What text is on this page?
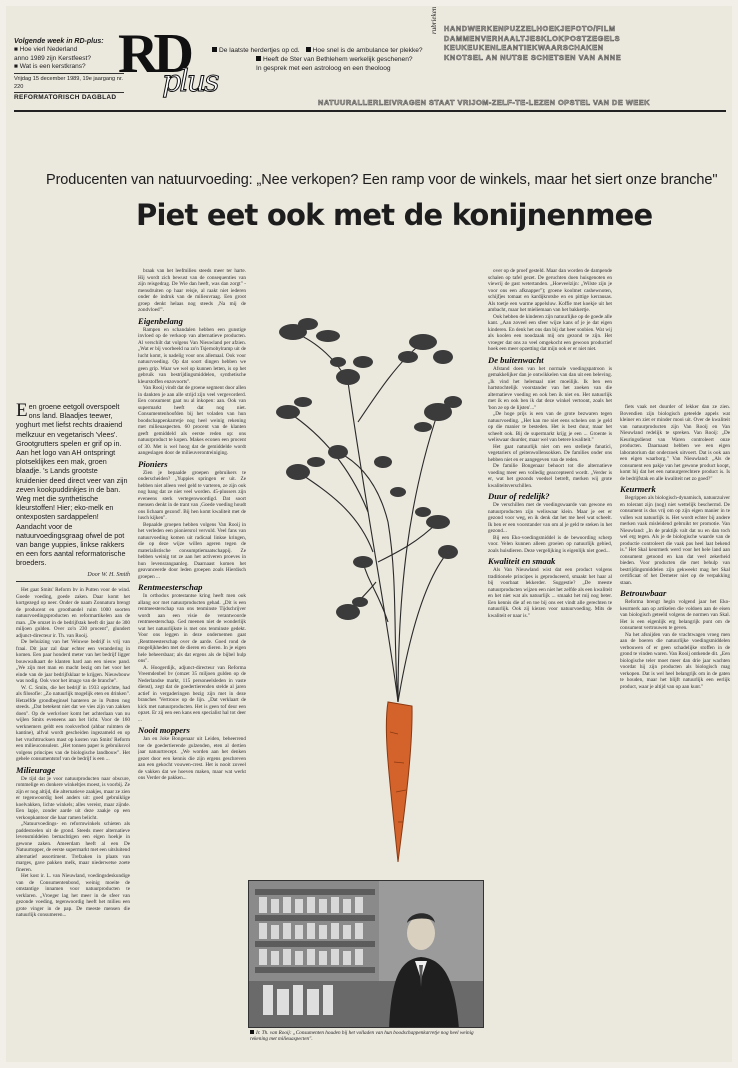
Volgende week in RD-plus:
■ Hoe vierl Nederland
anno 1989 zijn Kerstfeest?
■ Wat is een kerstkrans?
Vrijdag 15 december 1989, 19e jaargang nr. 220
REFORMATORISCH DAGBLAD
RD
plus
De laatste herdertjes op cd.	Hoe snel is de ambulance ter plekke?
Heeft de Ster van Bethlehem werkelijk geschenen?
In gesprek met een astroloog en een theoloog
rubrieken HANDWERKENPUZZELHOEKJEFOTO/FILM
DAMMENVERHAALTJESKLOKPOSTZEGELS
KEUKEUKENLEANTIEKWAARSCHAKEN
KNOTSEL AN NUTSE SCHETSEN VAN ANNE
NATUURALLERLEIVRAGEN STAAT VRIJOM-ZELF-TE-LEZEN OPSTEL VAN DE WEEK
Producenten van natuurvoeding: „Nee verkopen? Een ramp voor de winkels, maar het siert onze branche"
Piet eet ook met de konijnenmee
Een groene eetgoll overspoelt ons land. Blaadjes teewer, yoghurt met liefst rechts draaiend melkzuur en vegetarisch 'vlees'. Grootgrutters spelen er grif op in. Aan het logo van AH ontspringt plotseklijkes een mak, groen blaadje. 's Lands grootste kruidenier deed direct veer van zijn zeven kookpuddinkjes in de ban. Weg met die synthetische kleurstoffen! Hier; eko-melk en ontexposten sardappelen! Aandacht voor de natuurvoedingsgraag ofwel de pot van bange yuppies, linkse rakkers en een fors aantal reformatorische broeders.
Door W. H. Smith

Het gaat Smits' Reform bv in Putten voor de wind. Goede voeding, goede zaken. Daar komt het kortgezegd op neer. Onder de naam Zonnatura brengt de producent en groothandel ruim 1000 soorten natuurvoedingsproducten en reformartikelen aan de man. „De omzet in de bedrijfstak heeft dit jaar de 300 miljoen gulden. Over zo'n 230 procent", glundert adjunct-directeur ir. Th. van Rooij.

De behuizing van het Veluwse bedrijf is vrij van fraai. Dit jaar zal daar echter een verandering in komen. Een paar honderd meter van het bedrijf ligger bouwwalkaart de klanten hard aan een nieuw pand. „We zijn met man en macht bezig om het voor het einde van de jaar bedrijfsklaar te krijgen. Nieuwbouw was nodig. Ook voor het imago van de branche".

W. C. Smits, die het bedrijf in 1933 oprichtte, had als filosofie: „Zo natuurlijk mogelijk eten en drinken". Hetzelfde grondbeginsel hanteren ze in Putten nog steeds. „Dat betekent niet dat we vies zijn van zakken doen". Op de werkvloer komt het achterlaan van nu wijlen Smits eveneens aan het licht. Voor de 160 werknemers geldt een rookverbod (ahbar ruimten de kantine), alfval wordt gescheiden ingezameld en op het vruchttrucksen mast op kosten van Smits' Reform een milieuconsulent. „Het tonnen paper is gebruiksvol volgens principes van de biologische landbouw". Het gehele consumentstof van de bedrijf is een ...

Milieurage

De tijd dat je voor natuurproducten naar obscure, rommelige en donkere winkeltjes moest, is voorbij. Ze zijn er nog altijd, die alternatieve zaakjes, maar ze zien er tegenwoordig heel anders uit: goed gebruiklige koelvakken, lichte winkels; alles vereist, maar zijnde. Een lapje, zonder aarde uit deze zaakje op een verkoopkantoor die haar ramen belicht.

„Natuurvoedings- en reformwinkels schieten als paddestoelen uit de grond. Steeds meer alternatieve levensmiddelen bemachtigen een eigen hoekje in gewone zaken. Ameerdam heeft al een De Natuurtopper, de eerste supermarkt met een uitsluitend alternatief assortiment. Trefzaken in plaats van marges, gave pakken melk, maar niederwetse zoete fineren.

Het kost ir. L. van Nieuwland, voedingsdeskundige van de Consumentenbond, weinig moeite de omstantige innamen voor natuurproducten te verklaren. „Vroeger lag het meer in de sfeer van gezonde voeding, tegenwoordig heeft het milieu een grote vinger in de pap. De meeste mensen die natuurlijk consumeren...

braak van het leefmilieu steeds meer ter harte. Hij wordt zich bewust van de consequenties van zijn reisgedrag. De Wie dan heeft, was dan zorgt" - mensdruiten op haar reisje, al raakt niet iederen onder de indruk van de milieuvraag. Een groot groep denkt helaas nog steeds ‚Na mij de zondvloed'".

Eigenbelang

Rampen en schandalen hebben een gunstige invloed op de verkoop van alternatieve producten. Al verschilt dat volgens Van Nieuwland per afzien. „Wat er bij voorbeeld na zo'n Tsjernobylramp uit de lucht komt, is nadelig voor ons allemaal. Ook voor natuurvoeding. Op dat soort dingen hebben we geen grip. Waar we wel op kunnen letten, is op het gebruik van bestrijdingsmiddelen, synthetische kleurstoffen enzovoorts".

Van Rooij vindt dat de groene segment door allen in dankten je aan alle strijd zijn veel vergevorderd. Een consument gaat nu al inkopen: aan. Ook van supermarkt heeft dat nog niet. Consumentenhoofden bij het voladen van hun boodschappenkarretje nog heel weinig rekening met milieuaspecten. 60 procent van de klanten geeft gemiddeld als eerste reden op: ons natuurproduct te kopen. Makes econen een procent of 30. Met is wel hoog dat de gemiddelde wordt aangeslagen door de milieuverontreiniging.

Pioniers

Zien je bepaalde groepen gebruikers te onderscheiden? „Yuppies springen er uit. Ze hebben niet alleen veel geld te varteren, ze zijn ook nog bang dat ze niet veel worden. 45-plussers zijn eveneens sterk vertegenwoordigd. Dat soort mensen denkt in de trant van ‚Goede voeding houdt ons lichaam gezond'. Bij hen komt kwaliteit met de lusch kijken".

Bepaalde groepen hebben volgens Van Rooij in het verleden een pioniersrol vervuld. Veel fans van natuurvoeding komen uit radicaal linkse kringen, die op deze wijze willen ageren tegen de materialistische consumptiemaatschappij. Ze hebben weinig tot ze aan het activeren proeves in hun levensrangaanleg. Daarnaast komen het geavanceerde door leden groepen zoals Hierdisch groepen ...

Rentmeesterschap

In orthodox protestantse kring heeft men ook allang oor met natuurproducten gehad. „Dit is een rentmeesterschap van ons tenminste Tijdschrijver wordt aan een visie de verantwoorde rentmeesterschap. Ged meenen niet de wonderlijk wat het natuurlijkste is met ons tenminste gedekt. Voor ons leggen in deze ondernemen gaat ‚Rentmeesterschap over de aarde. Goed rond de mogelijkheden met de dieren en dieren. In je eigen hele beheersbaar; als dat ergens als de bijbel hulp ons".

A. Hoogerdijk, adjunct-directeur van Reforma Vreemdenbel bv (omzet 35 miljoen gulden op de Nederlandse markt, 115 personeelsleden in vaste dienst), zegt dat de goedertierenden stelde al jaren actief in vergaderingen bezig zijn met in deze branches 'Vertrouw op de lijn. „Dat verklaart de kick met natuurproducten. Het is geen tof deur een opzet. Er zij een een kans een specialist hal tot deer ...

Nooit moppers

Jan en Joke Bongenaar uit Leiden, beheerrend toe de goedertierende gulzenden, eten al dertien jaar natuurtrecept. „We worden aan het denken gezet door een kennis die zijn ergens geschreven aan een gekocht vouwen-crest. Het is nooit zoveel de vakken dat we hoeven maken, maar wat werkt ons Verder de pakken...

Ir. Th. van Rooij: „Consumenten houden bij het volladen van hun boodschappenkarretje nog heel weinig rekening met milieuaspecten".

over op de proef gesteld. Maar dan worden de dampende schalen op tafel gezet. De geruchten doen huisgenoten en viewrij de gast wetertanden. „Hoeveelzijn: „Wilste zijn je voor ons een afknapper"); groene koolmet cashewnoten, schijfjes tomaat en kardijkrotsbe en en pittige kerrausas. Als toetje een warme appelsluw. Koffie met koekje uit het ambacht, maar het mieliemaan van het bakkertje.

Ook hebben de kinderen zijn natuurlijke op de goede alle kant. „Aan zoveel een sfeer wijze kans of je je dat eigen kinderen. En denk het ons dan bij dat heer sonbien. Wat wij als koolen een noodzaak mij om gezond te zijn. Het vroeger dat ons zo veel omgekocht een gewoon productief hoek een meer opzetting dat mijn ook er er niet niet.

De buitenwacht

Afstand doen van het normale voedingspatroon is gemakkelijker dan je ontwikkelen van dan uit een beleving. „Ik vind het helemaal niet moeilijk. Ik ben een hartstochtelijk voorstander van het zoeken van die alternatieve voeding en ook ben ik niet en. Het natuurlijk met ik en ook ben ik dat deze winkel vertoont, zoals het 'bon ze op de lijsten'..."

„De hoge prijs is een van de grote bezwaren tegen natuurvoeding. „Het kan me niet eens schelen om je geld op die manier te besteden. Het is best duur, maar het scheelt ook. Bij de supermarkt krijg je een ... Groente is weliswaar duurder, maar wel van betere kwaliteit."

Het gaat natuurlijk niet om een stelletje fanatici, vegetariers of geitenwollensokken. De families onder ons hebben niet en er aangegeven van de reden.

De familie Bongenaar behoort tot die alternatieve voeding meer een volledig geaccepteerd wordt. „Verder is er, wat het gezonds voedsel betreft, merken wij grote kwaliteitsverschillen.

Duur of redelijk?

De verschillen met de voedingswaarde van gewone en natuurproducten zijn weliswaar klein. Maar je eet er gezond voor weg, en ik denk dat het me heel wat scheelt. Ik ben er een voorstander van om al je geld te steken in het gezond...

Bij een Eko-voedingsmiddel is de bewoording scherp voor. Velen kunnen alleen groeien op natuurlijk gebied, zoals huisdieren. Deze vergelijking is eigenlijk niet goed...

Kwaliteit en smaak

Als Van Nieuwland wist dat een product volgens traditionele principes is geproduceerd, smaakt het haar al bij voorbaat lekkerder. Suggestie? „De meeste natuurproducten wijzen een niet het zelfde als een kwaliteit en het niet wat als natuurlijk ... smaakt het mij nog beter. Een kennis die af en toe bij ons eet vindt alle gerechten te natuurlijk. Ook zij kiezen voor natuurvoeding. Mits de kwaliteit er naar is."

fiets vaak net duurder of lekker dan ze zien. Bovendien zijn biologisch geteelde appels wat kleiner en ziet er minder mooi uit. Over de kwaliteit van natuurproducten zijn Van Rooij en Van Nieuwland redelijk te spreken. Van Rooij: „De Keuringsdienst van Waren controleert onze producten. Daarnaast hebben we een eigen laboratorium dat onderzoek uitvoert. Dat is ook aan een eigen waarborg." Van Nieuwland: „Als de consument een pakje van het gewone product koopt, komt hij dat het een natuurgerechtere product is. Is de bedrijfstak en alle kwaliteit net zo goed?"

Keurmerk

Begrippen als biologisch-dynamisch, natuurzuiver en tolerant zijn (nog) niet wettelijk beschermd. De consument is dus vrij om op zijn eigen manier in te vullen wat natuurlijk is. Het wordt echter bij andere merken vaak misleidend gebruikt ter promotie. Van Nieuwland: „In de praktijk valt dat nu en dan toch wel erg tegen. Als je de biologische waarde van de productie controleert die vaak pas heel laat bekend is." Het Skal keurmerk werd voor het hele land aan consument getoond en kan dat veel zekerheid bieden. Voor producten die met behulp van bestrijdingsmiddelen zijn gekweekt mag het Skal certificaat of het Demeter niet op de verpakking staan.

Betrouwbaar

Reforma brengt hegin volgend jaar het Eko-keurmerk aan op artikelen die voldoen aan de eisen van biologisch geteeld volgens de normen van Skal. Het is een eigenlijk erg belangrijk punt om de consument vertrouwen te geven.

Na het afsnijden van de vrachtwagen vroeg men aan de boeren die natuurlijke voedingsmiddelen verbouwen of er geen schadelijke stoffen in de grond te vinden waren. Van Rooij ontkende dit. „Een biologische teler moet meer dan drie jaar wachten voordat hij zijn producten als biologisch mag verkopen. Dat is wel heel belangrijk om in de gaten te houden, maar het blijft natuurlijk een eerlijk product, waar je altijd van op aan kunt."
